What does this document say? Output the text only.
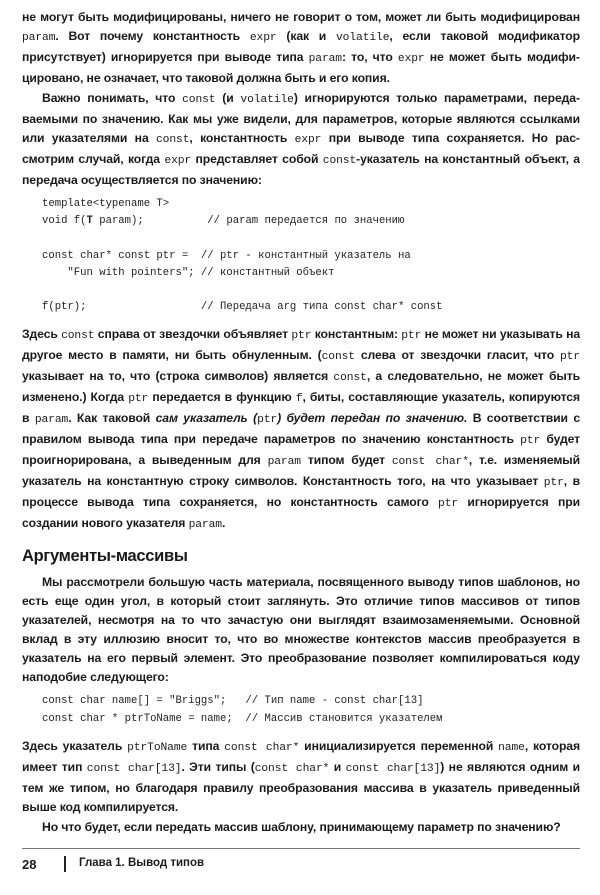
не могут быть модифицированы, ничего не говорит о том, может ли быть модифицирован param. Вот почему константность expr (как и volatile, если таковой модификатор присутствует) игнорируется при выводе типа param: то, что expr не может быть модифицировано, не означает, что таковой должна быть и его копия.

Важно понимать, что const (и volatile) игнорируются только параметрами, передаваемыми по значению. Как мы уже видели, для параметров, которые являются ссылками или указателями на const, константность expr при выводе типа сохраняется. Но рассмотрим случай, когда expr представляет собой const-указатель на константный объект, а передача осуществляется по значению:

template<typename T>
void f(T param);          // param передается по значению

const char* const ptr =  // ptr - константный указатель на
"Fun with pointers"; // константный объект

f(ptr);                  // Передача arg типа const char* const

Здесь const справа от звездочки объявляет ptr константным: ptr не может ни указывать на другое место в памяти, ни быть обнуленным. (const слева от звездочки гласит, что ptr указывает на то, что (строка символов) является const, а следовательно, не может быть изменено.) Когда ptr передается в функцию f, биты, составляющие указатель, копируются в param. Как таковой сам указатель (ptr) будет передан по значению. В соответствии с правилом вывода типа при передаче параметров по значению константность ptr будет проигнорирована, а выведенным для param типом будет const char*, т.е. изменяемый указатель на константную строку символов. Константность того, на что указывает ptr, в процессе вывода типа сохраняется, но константность самого ptr игнорируется при создании нового указателя param.

Аргументы-массивы

Мы рассмотрели большую часть материала, посвященного выводу типов шаблонов, но есть еще один угол, в который стоит заглянуть. Это отличие типов массивов от типов указателей, несмотря на то что зачастую они выглядят взаимозаменяемыми. Основной вклад в эту иллюзию вносит то, что во множестве контекстов массив преобразуется в указатель на его первый элемент. Это преобразование позволяет компилироваться коду наподобие следующего:

const char name[] = "Briggs";   // Тип name - const char[13]
const char * ptrToName = name;  // Массив становится указателем

Здесь указатель ptrToName типа const char* инициализируется переменной name, которая имеет тип const char[13]. Эти типы (const char* и const char[13]) не являются одним и тем же типом, но благодаря правилу преобразования массива в указатель приведенный выше код компилируется.

Но что будет, если передать массив шаблону, принимающему параметр по значению?

28	Глава 1. Вывод типов
